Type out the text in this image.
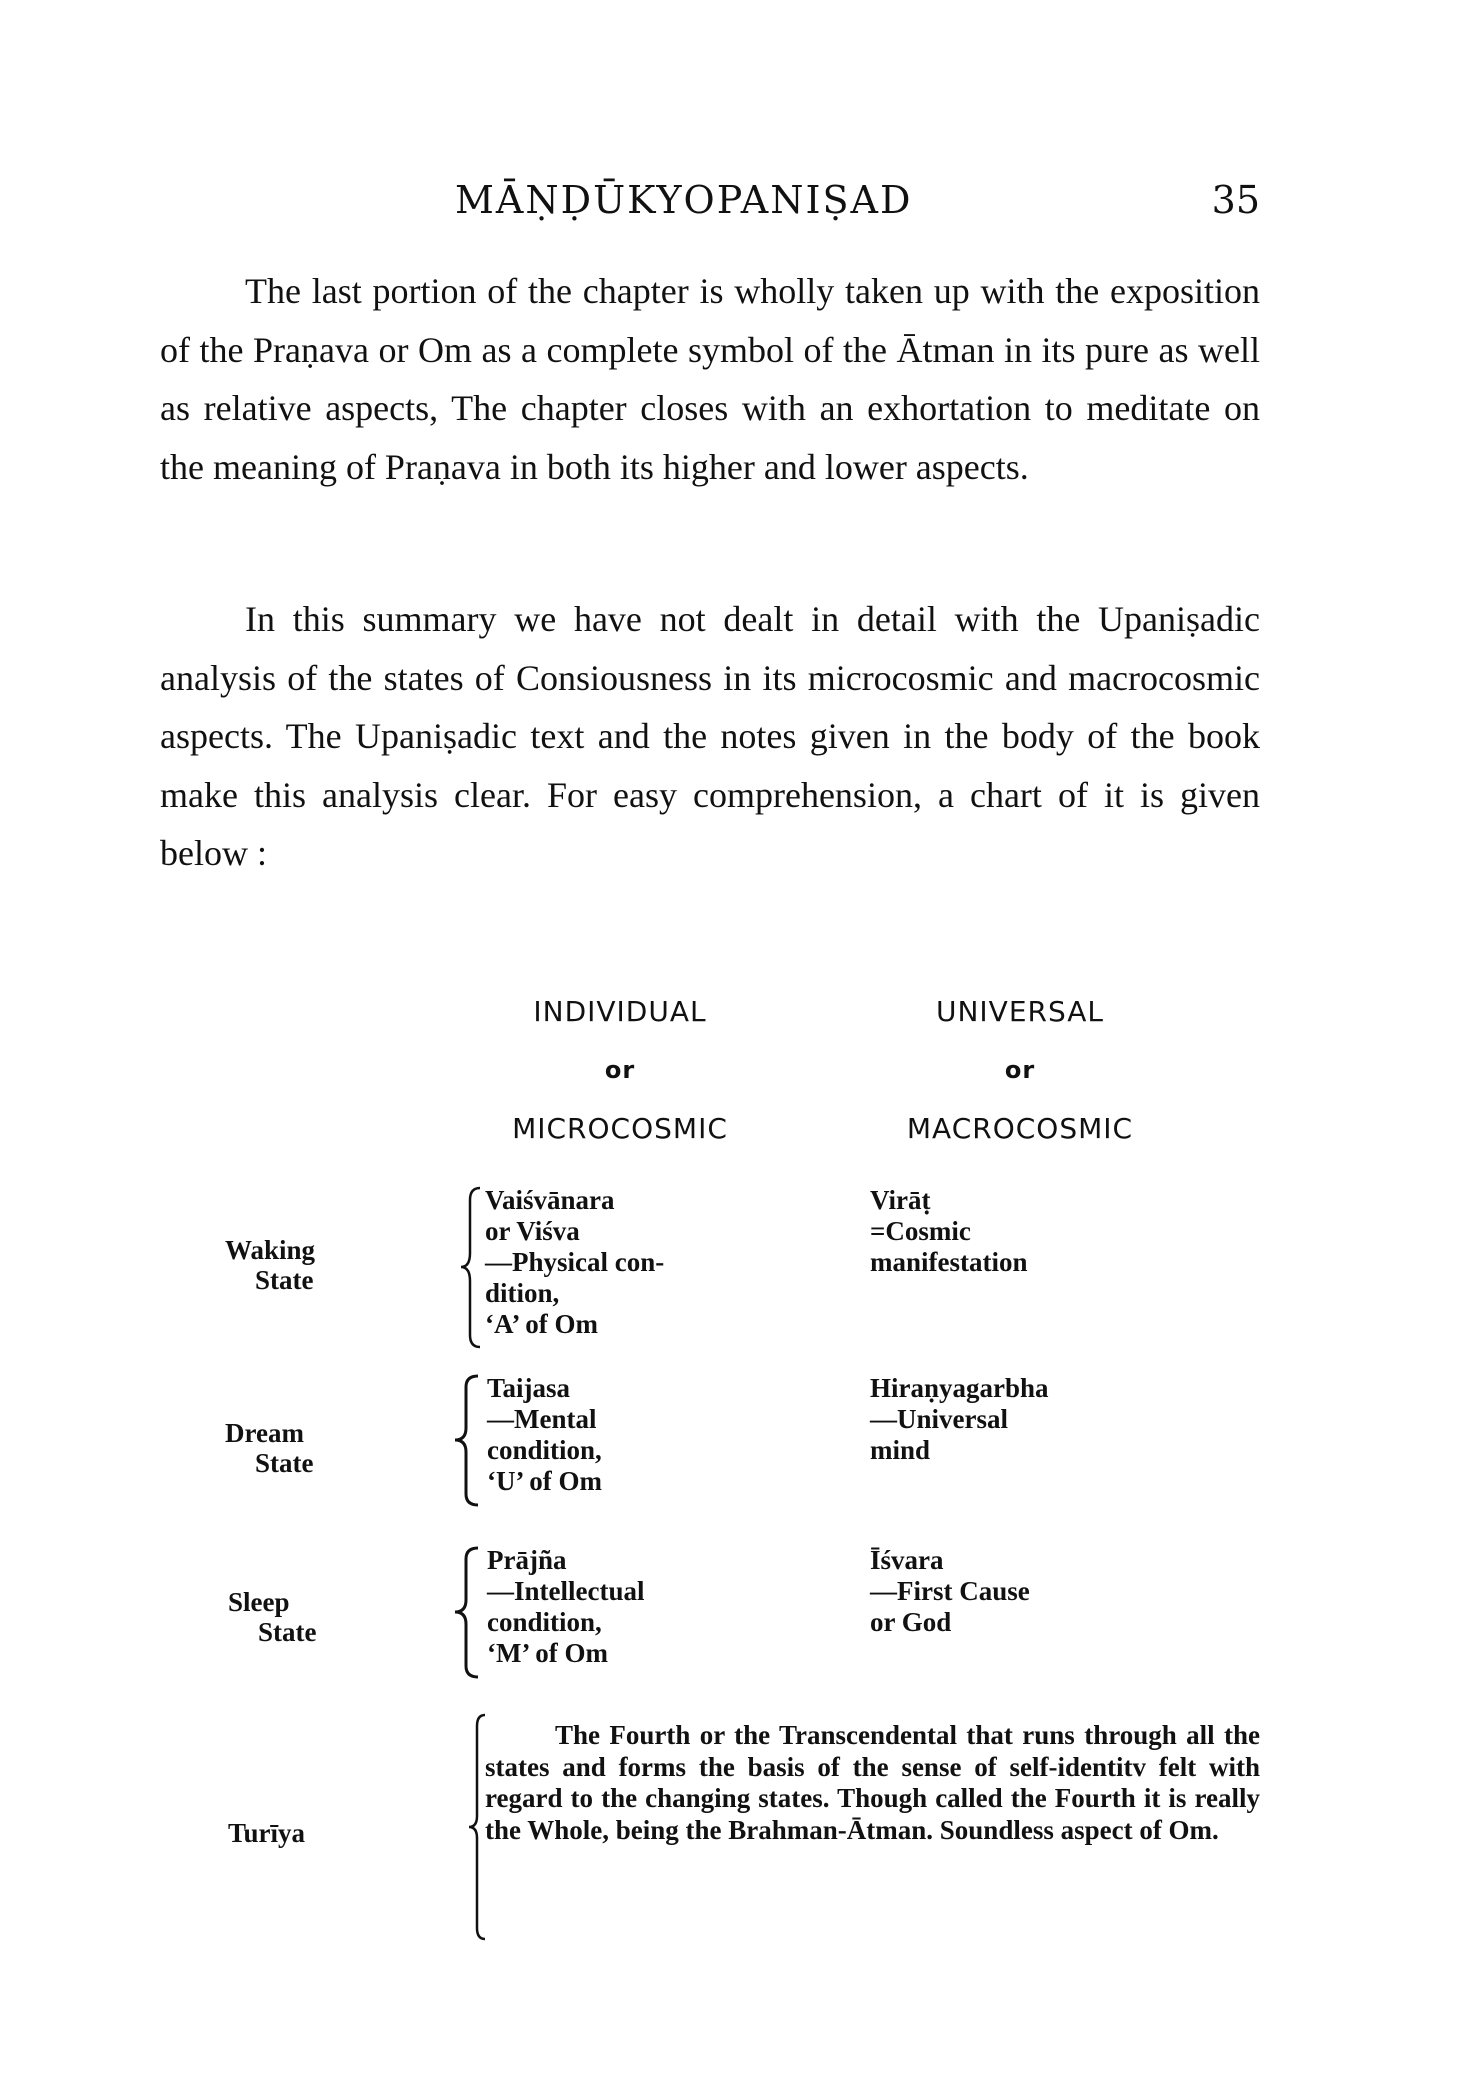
MĀṆḌŪKYOPANIṢAD	35
The last portion of the chapter is wholly taken up with the exposition of the Praṇava or Om as a complete symbol of the Ātman in its pure as well as relative aspects, The chapter closes with an exhortation to meditate on the meaning of Praṇava in both its higher and lower aspects.
In this summary we have not dealt in detail with the Upaniṣadic analysis of the states of Consiousness in its microcosmic and macrocosmic aspects. The Upaniṣadic text and the notes given in the body of the book make this analysis clear. For easy comprehension, a chart of it is given below :
INDIVIDUAL
or
MICROCOSMIC
UNIVERSAL
or
MACROCOSMIC
Waking
State
Vaiśvānara
or Viśva
—Physical con-
dition,
‘A’ of Om
Virāṭ
=Cosmic
manifestation
Dream
State
Taijasa
—Mental
condition,
‘U’ of Om
Hiraṇyagarbha
—Universal
mind
Sleep
State
Prājña
—Intellectual
condition,
‘M’ of Om
Īśvara
—First Cause
or God
Turīya
The Fourth or the Transcendental that runs through all the states and forms the basis of the sense of self-identitv felt with regard to the changing states. Though called the Fourth it is really the Whole, being the Brahman-Ātman. Soundless aspect of Om.
